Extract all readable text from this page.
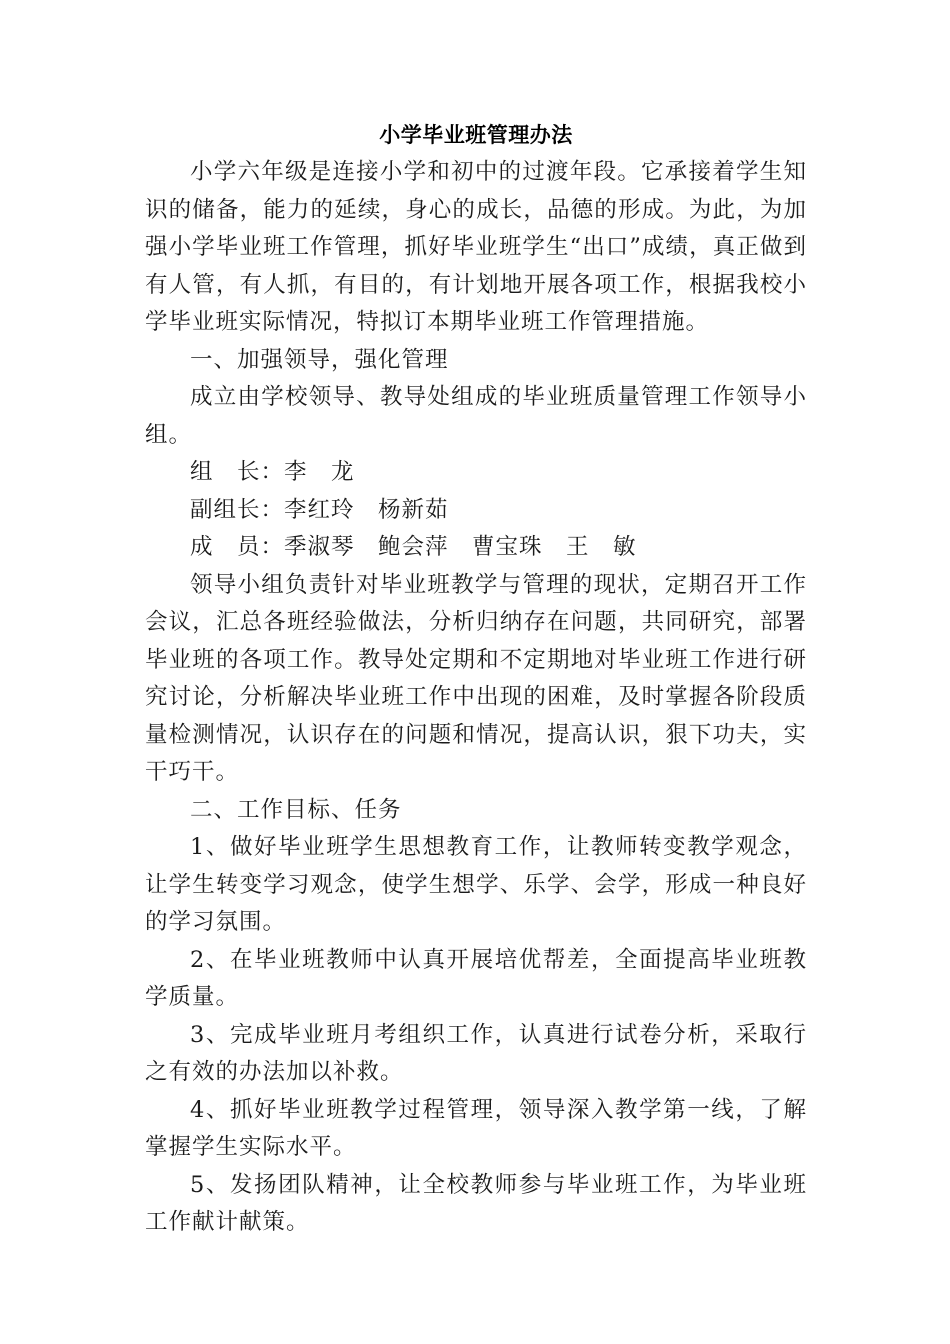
小学毕业班管理办法

小学六年级是连接小学和初中的过渡年段。它承接着学生知识的储备，能力的延续，身心的成长，品德的形成。为此，为加强小学毕业班工作管理，抓好毕业班学生“出口”成绩，真正做到有人管，有人抓，有目的，有计划地开展各项工作，根据我校小学毕业班实际情况，特拟订本期毕业班工作管理措施。

一、加强领导，强化管理

成立由学校领导、教导处组成的毕业班质量管理工作领导小组。

组　长：李　龙

副组长：李红玲　杨新茹

成　员：季淑琴　鲍会萍　曹宝珠　王　敏

领导小组负责针对毕业班教学与管理的现状，定期召开工作会议，汇总各班经验做法，分析归纳存在问题，共同研究，部署毕业班的各项工作。教导处定期和不定期地对毕业班工作进行研究讨论，分析解决毕业班工作中出现的困难，及时掌握各阶段质量检测情况，认识存在的问题和情况，提高认识，狠下功夫，实干巧干。

二、工作目标、任务

1、做好毕业班学生思想教育工作，让教师转变教学观念，让学生转变学习观念，使学生想学、乐学、会学，形成一种良好的学习氛围。

2、在毕业班教师中认真开展培优帮差，全面提高毕业班教学质量。

3、完成毕业班月考组织工作，认真进行试卷分析，采取行之有效的办法加以补救。

4、抓好毕业班教学过程管理，领导深入教学第一线，了解掌握学生实际水平。

5、发扬团队精神，让全校教师参与毕业班工作，为毕业班工作献计献策。
